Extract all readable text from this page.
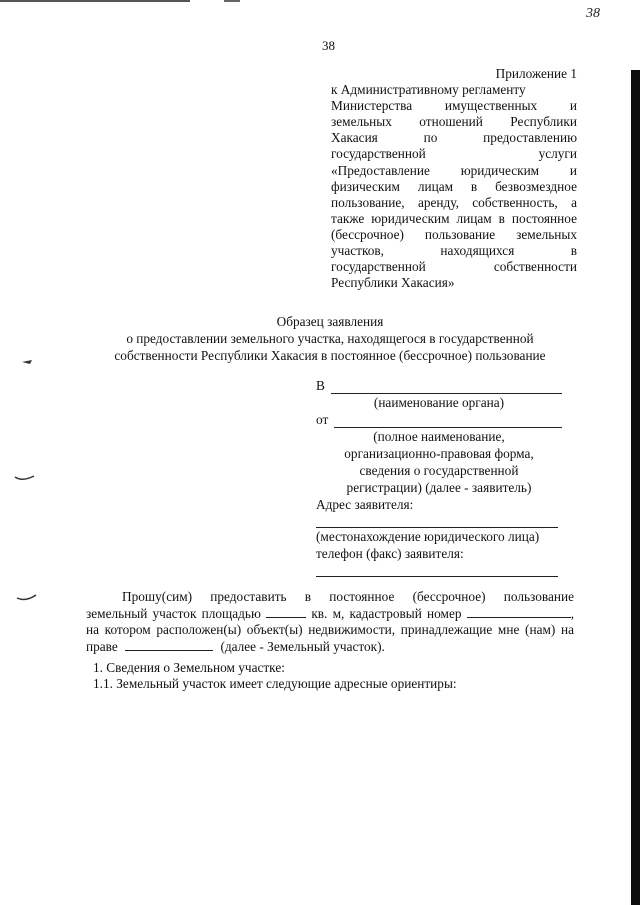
38
38
Приложение 1
к Административному регламенту
Министерства имущественных и
земельных отношений Республики
Хакасия по предоставлению
государственной услуги
«Предоставление юридическим и
физическим лицам в безвозмездное
пользование, аренду, собственность, а
также юридическим лицам в постоянное
(бессрочное) пользование земельных
участков, находящихся в
государственной собственности
Республики Хакасия»
Образец заявления
о предоставлении земельного участка, находящегося в государственной
собственности Республики Хакасия в постоянное (бессрочное) пользование
В
(наименование органа)
от
(полное наименование,
организационно-правовая форма,
сведения о государственной
регистрации) (далее - заявитель)
Адрес заявителя:
(местонахождение юридического лица)
телефон (факс) заявителя:
Прошу(сим) предоставить в постоянное (бессрочное) пользование
земельный участок площадью	кв. м, кадастровый номер	,
на котором расположен(ы) объект(ы) недвижимости, принадлежащие мне (нам) на
праве	(далее - Земельный участок).
1. Сведения о Земельном участке:
1.1. Земельный участок имеет следующие адресные ориентиры:
